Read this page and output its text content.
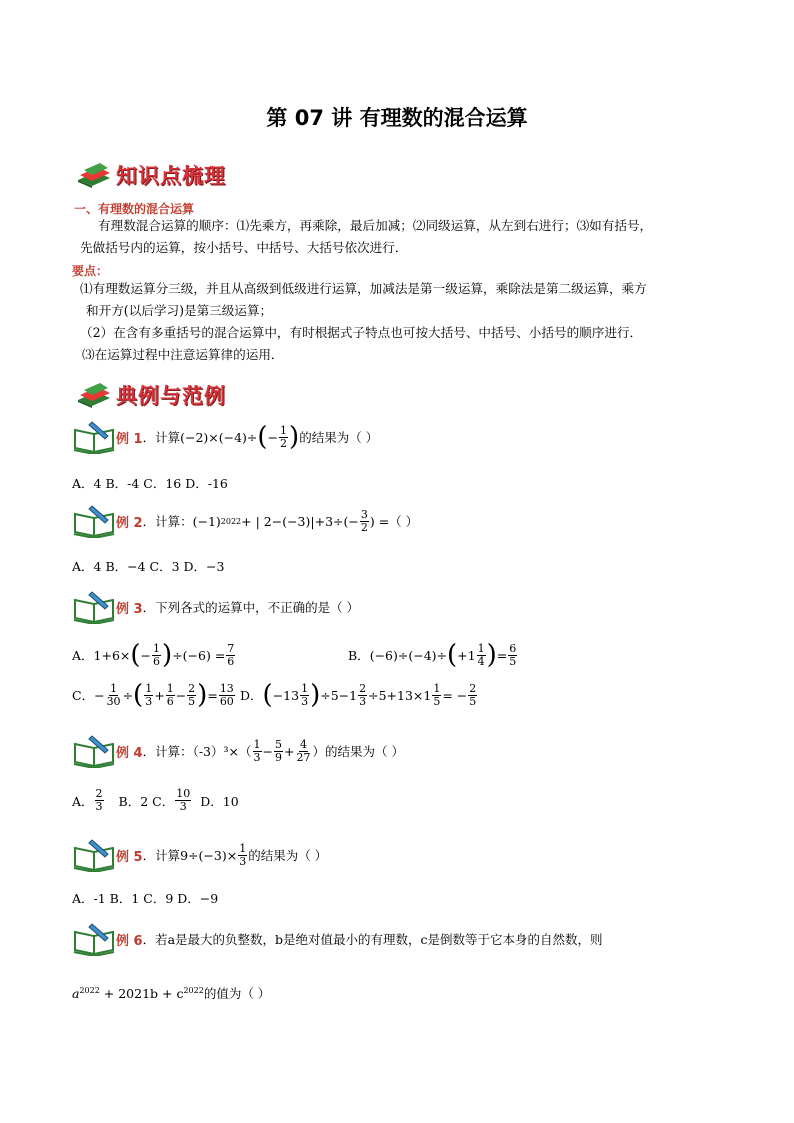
第 07 讲 有理数的混合运算
知识点梳理
一、有理数的混合运算
有理数混合运算的顺序：⑴先乘方，再乘除，最后加减；⑵同级运算，从左到右进行；⑶如有括号，
先做括号内的运算，按小括号、中括号、大括号依次进行．
要点：
⑴有理数运算分三级，并且从高级到低级进行运算，加减法是第一级运算，乘除法是第二级运算，乘方
和开方(以后学习)是第三级运算；
（2）在含有多重括号的混合运算中，有时根据式子特点也可按大括号、中括号、小括号的顺序进行．
⑶在运算过程中注意运算律的运用．
典例与范例
例 1 ．计算 (−2)×(−4)÷ ( − $\frac{1}{2}$ ) 的结果为（ ）
A．4 B．-4 C．16 D．-16
例 2 ．计算： (−1) 2022 + | $2-(-3)|+3\div(- \frac{3}{2}$ ) = （ ）
A．4 B．−4 C．3 D．−3
例 3 ．下列各式的运算中，不正确的是（ ）
A． 1+6× ( − $\frac{1}{6}$ ) $\div(-6) = \frac{7}{6}$	B． (−6)÷(−4)÷ ( $+1 \frac{1}{4}$ ) = $\frac{6}{5}$
C． − $\frac{1}{30}$ ÷ ( $\frac{1}{3} + \frac{1}{6} - \frac{2}{5}$ ) = $\frac{13}{60}$ D． ( $-13 \frac{1}{3}$ ) $\div 5-1 \frac{2}{3} \div 5+13\times 1 \frac{1}{5}$ = − $\frac{2}{5}$
例 4 ．计算：$(-3)^3\times( \frac{1}{3} - \frac{5}{9} + \frac{4}{27}$ ）的结果为（ ）
A． $\frac{2}{3}$ B．2 C． $\frac{10}{3}$ D．10
例 5 ．计算 $9\div(-3)\times \frac{1}{3}$ 的结果为（ ）
A．-1 B．1 C．9 D．−9
例 6 ．若a是最大的负整数，b是绝对值最小的有理数，c是倒数等于它本身的自然数，则
$a^{2022} + 2021b + c^{2022}$的值为（ ）
